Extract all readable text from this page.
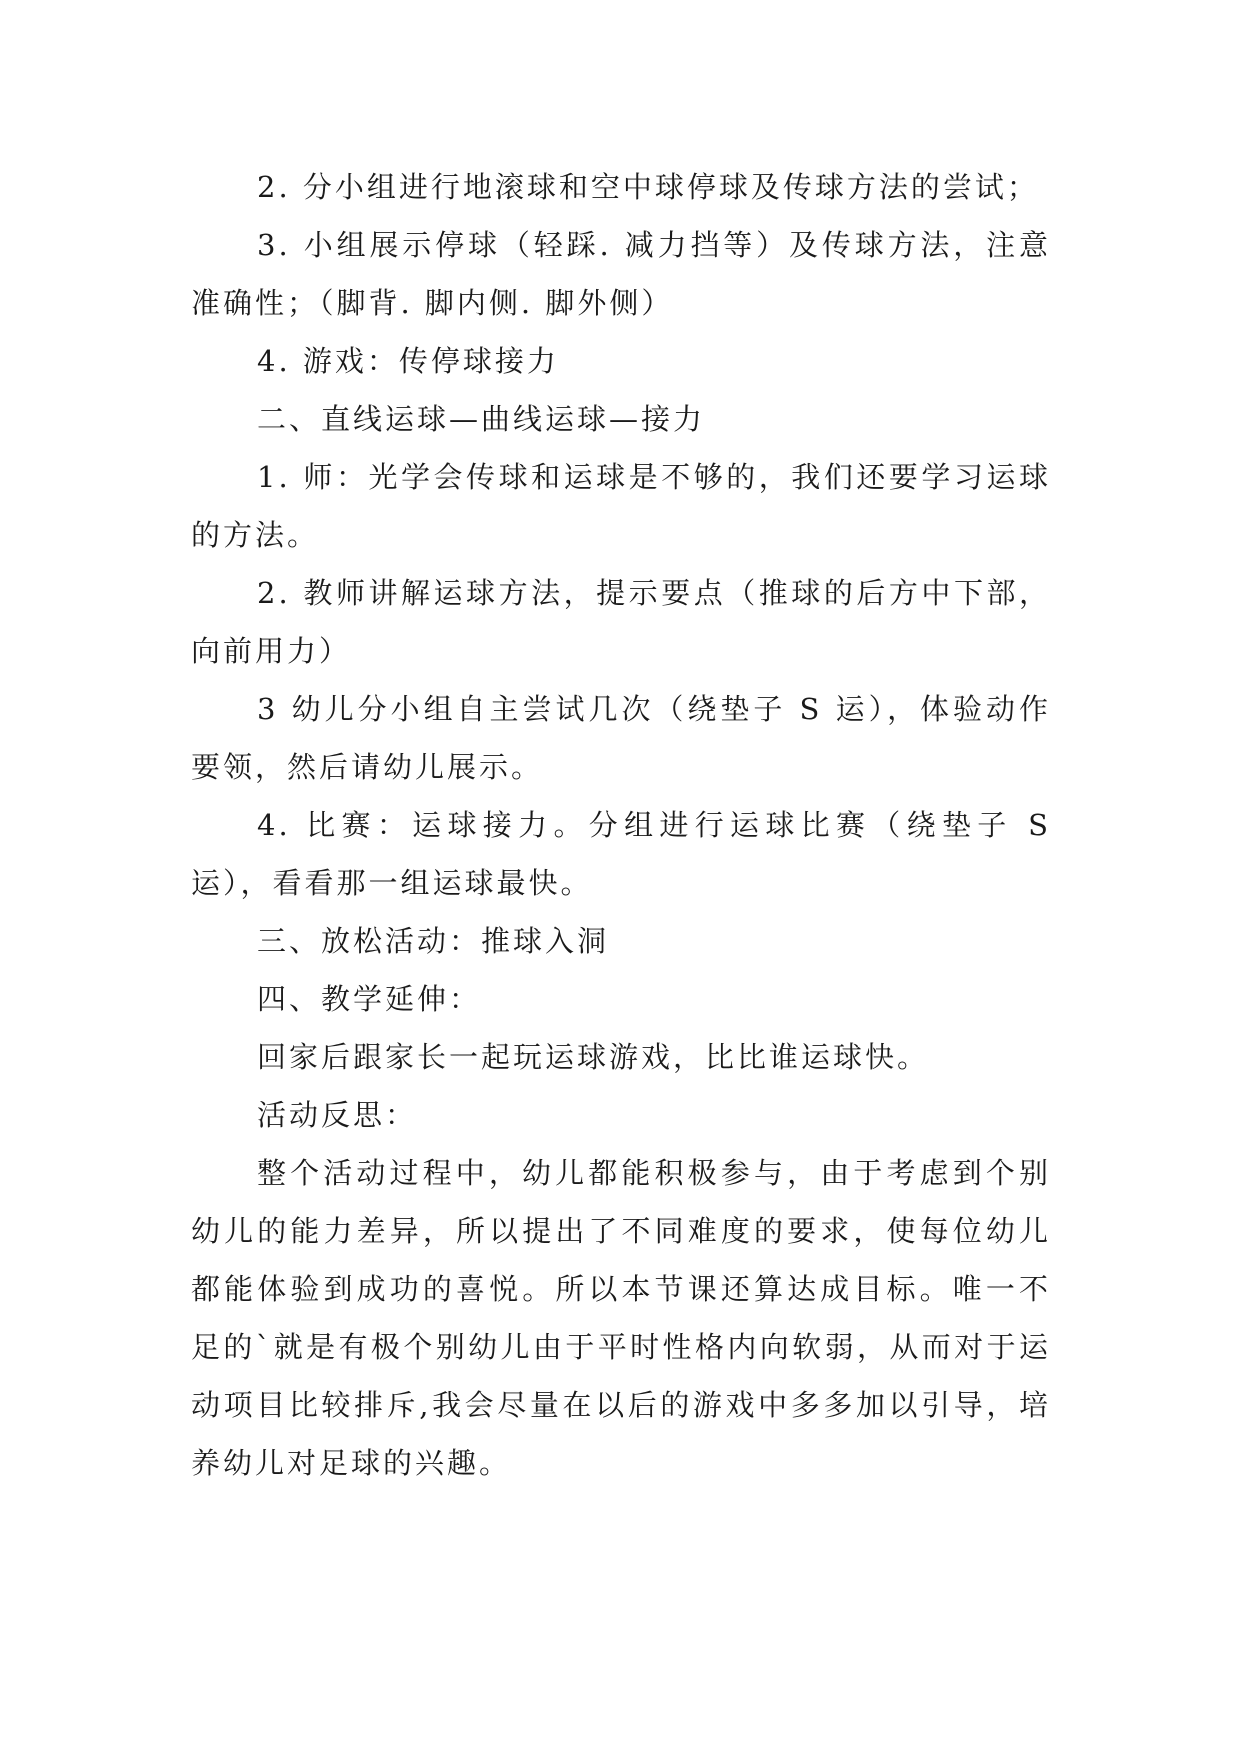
2. 分小组进行地滚球和空中球停球及传球方法的尝试；

3. 小组展示停球（轻踩. 减力挡等）及传球方法，注意准确性；（脚背. 脚内侧. 脚外侧）

4. 游戏：传停球接力

二、直线运球—曲线运球—接力

1. 师：光学会传球和运球是不够的，我们还要学习运球的方法。

2. 教师讲解运球方法，提示要点（推球的后方中下部，向前用力）

3 幼儿分小组自主尝试几次（绕垫子 S 运），体验动作要领，然后请幼儿展示。

4. 比赛：运球接力。分组进行运球比赛（绕垫子 S 运），看看那一组运球最快。

三、放松活动：推球入洞

四、教学延伸：

回家后跟家长一起玩运球游戏，比比谁运球快。

活动反思：

整个活动过程中，幼儿都能积极参与，由于考虑到个别幼儿的能力差异，所以提出了不同难度的要求，使每位幼儿都能体验到成功的喜悦。所以本节课还算达成目标。唯一不足的`就是有极个别幼儿由于平时性格内向软弱，从而对于运动项目比较排斥,我会尽量在以后的游戏中多多加以引导，培养幼儿对足球的兴趣。
